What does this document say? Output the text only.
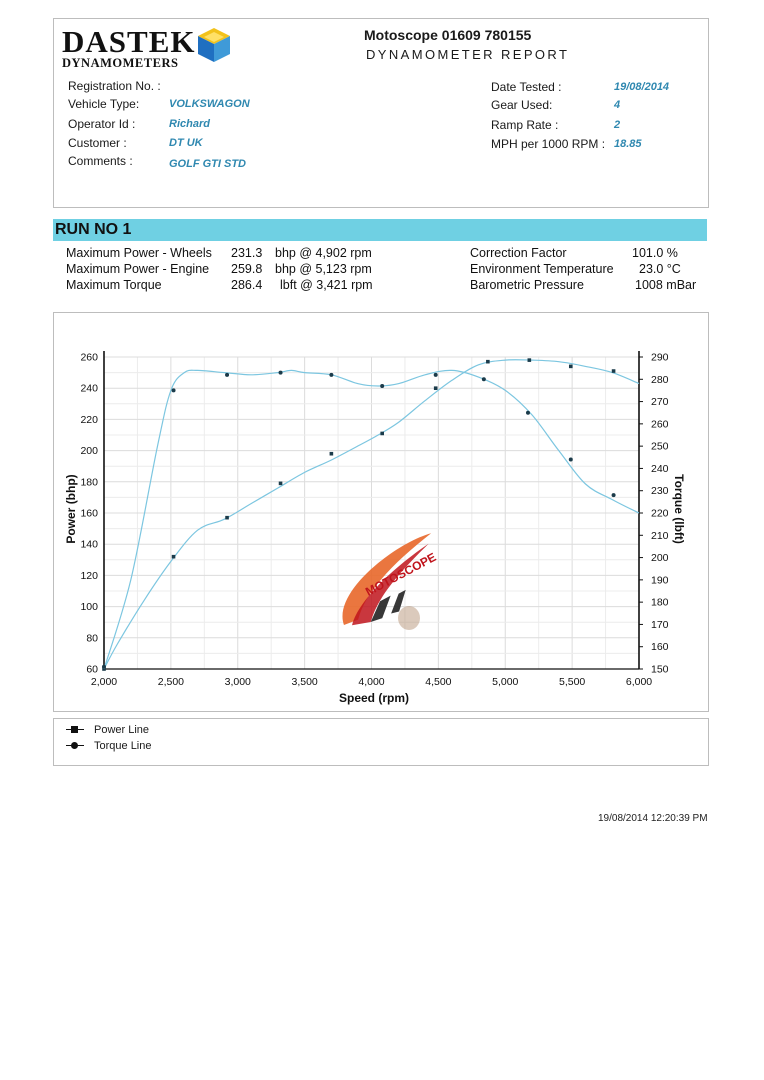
DASTEK
DYNAMOMETERS
Motoscope 01609 780155
DYNAMOMETER REPORT
Registration No. :
Vehicle Type:	VOLKSWAGON
Operator Id :	Richard
Customer :	DT UK
Comments :	GOLF GTI STD
Date Tested :	19/08/2014
Gear Used:	4
Ramp Rate :	2
MPH per 1000 RPM : 18.85
RUN NO 1
Maximum Power - Wheels 231.3 bhp @ 4,902 rpm
Maximum Power - Engine 259.8 bhp @ 5,123 rpm
Maximum Torque	286.4 lbft @ 3,421 rpm
Correction Factor	101.0 %
Environment Temperature 23.0 °C
Barometric Pressure	1008 mBar
MOTOSCOPE
2,000	2,500	3,000	3,500	4,000	4,500	5,000	5,500	6,000
60
80
100
120
140
160
180
200
220
240
260
150
160
170
180
190
200
210
220
230
240
250
260
270
280
290
Speed (rpm)
Power (bhp)	Torque (lbft)
Power Line
Torque Line
19/08/2014 12:20:39 PM
